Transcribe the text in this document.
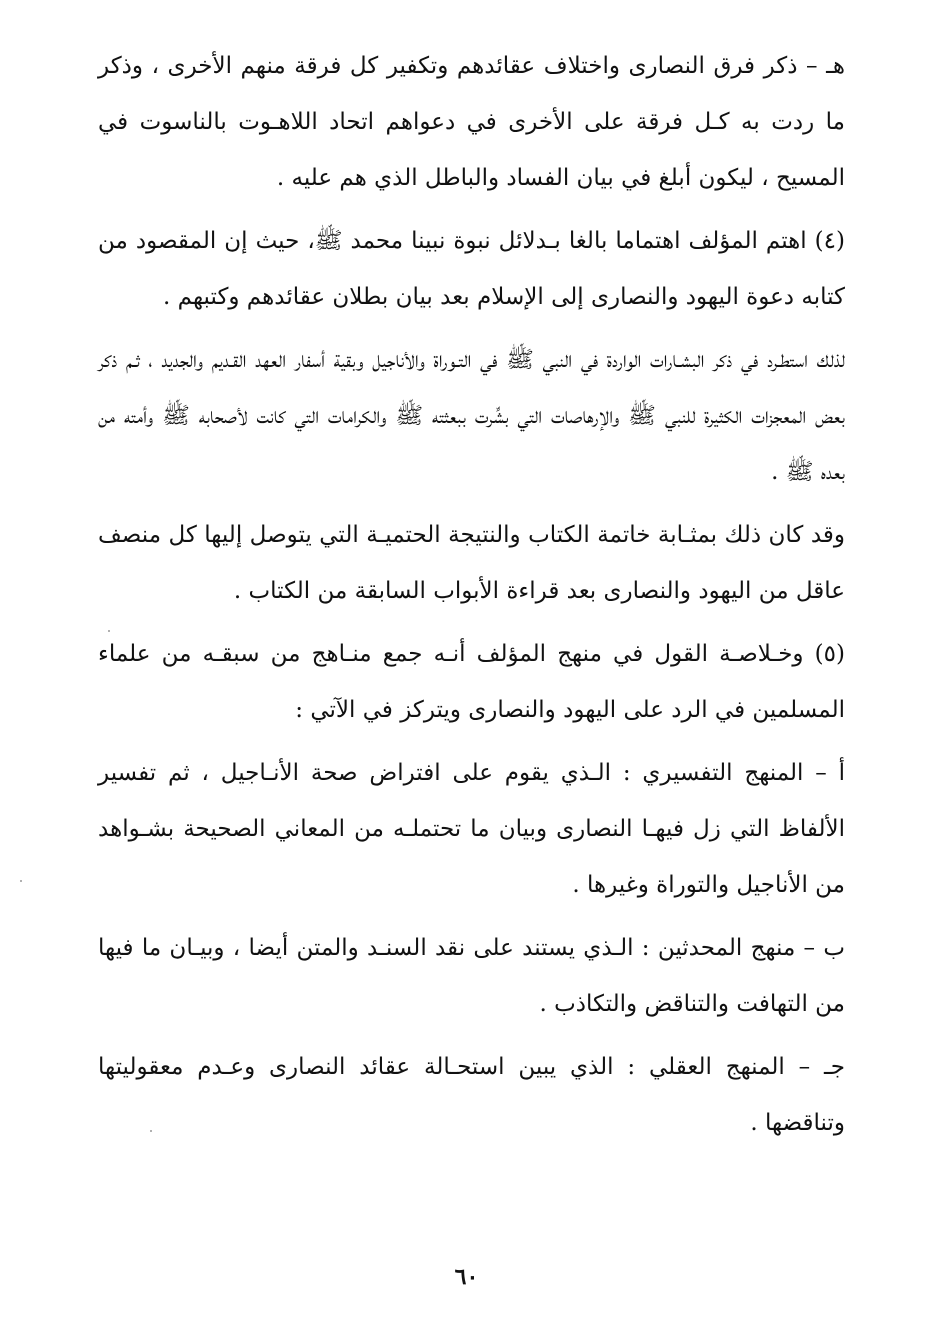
هـ – ذكر فرق النصارى واختلاف عقائدهم وتكفير كل فرقة منهم الأخرى ، وذكر ما ردت به كـل فرقة على الأخرى في دعواهم اتحاد اللاهـوت بالناسوت في المسيح ، ليكون أبلغ في بيان الفساد والباطل الذي هم عليه .

(٤) اهتم المؤلف اهتماما بالغا بـدلائل نبوة نبينا محمد ﷺ، حيث إن المقصود من كتابه دعوة اليهود والنصارى إلى الإسلام بعد بيان بطلان عقائدهم وكتبهم .

لذلك استطـرد في ذكر البشـارات الواردة في النبي ﷺ في التـوراة والأناجيل وبقية أسفار العهد القـديم والجديد ، ثـم ذكر بعض المعجزات الكثيرة للنبي ﷺ والإرهاصات التي بشِّرت ببعثته ﷺ والكرامات التي كانت لأصحابه ﷺ وأمته من بعده ﷺ .

وقد كان ذلك بمثـابة خاتمة الكتاب والنتيجة الحتميـة التي يتوصل إليها كل منصف عاقل من اليهود والنصارى بعد قراءة الأبواب السابقة من الكتاب .

(٥) وخـلاصـة القول في منهج المؤلف أنـه جمع منـاهج من سبقـه من علماء المسلمين في الرد على اليهود والنصارى ويتركز في الآتي :

أ – المنهج التفسيري : الـذي يقوم على افتراض صحة الأنـاجيل ، ثم تفسير الألفاظ التي زل فيهـا النصارى وبيان ما تحتملـه من المعاني الصحيحة بشـواهد من الأناجيل والتوراة وغيرها .

ب – منهج المحدثين : الـذي يستند على نقد السنـد والمتن أيضا ، وبيـان ما فيها من التهافت والتناقض والتكاذب .

جـ – المنهج العقلي : الذي يبين استحـالة عقائد النصارى وعـدم معقوليتها وتناقضها .

٦٠
